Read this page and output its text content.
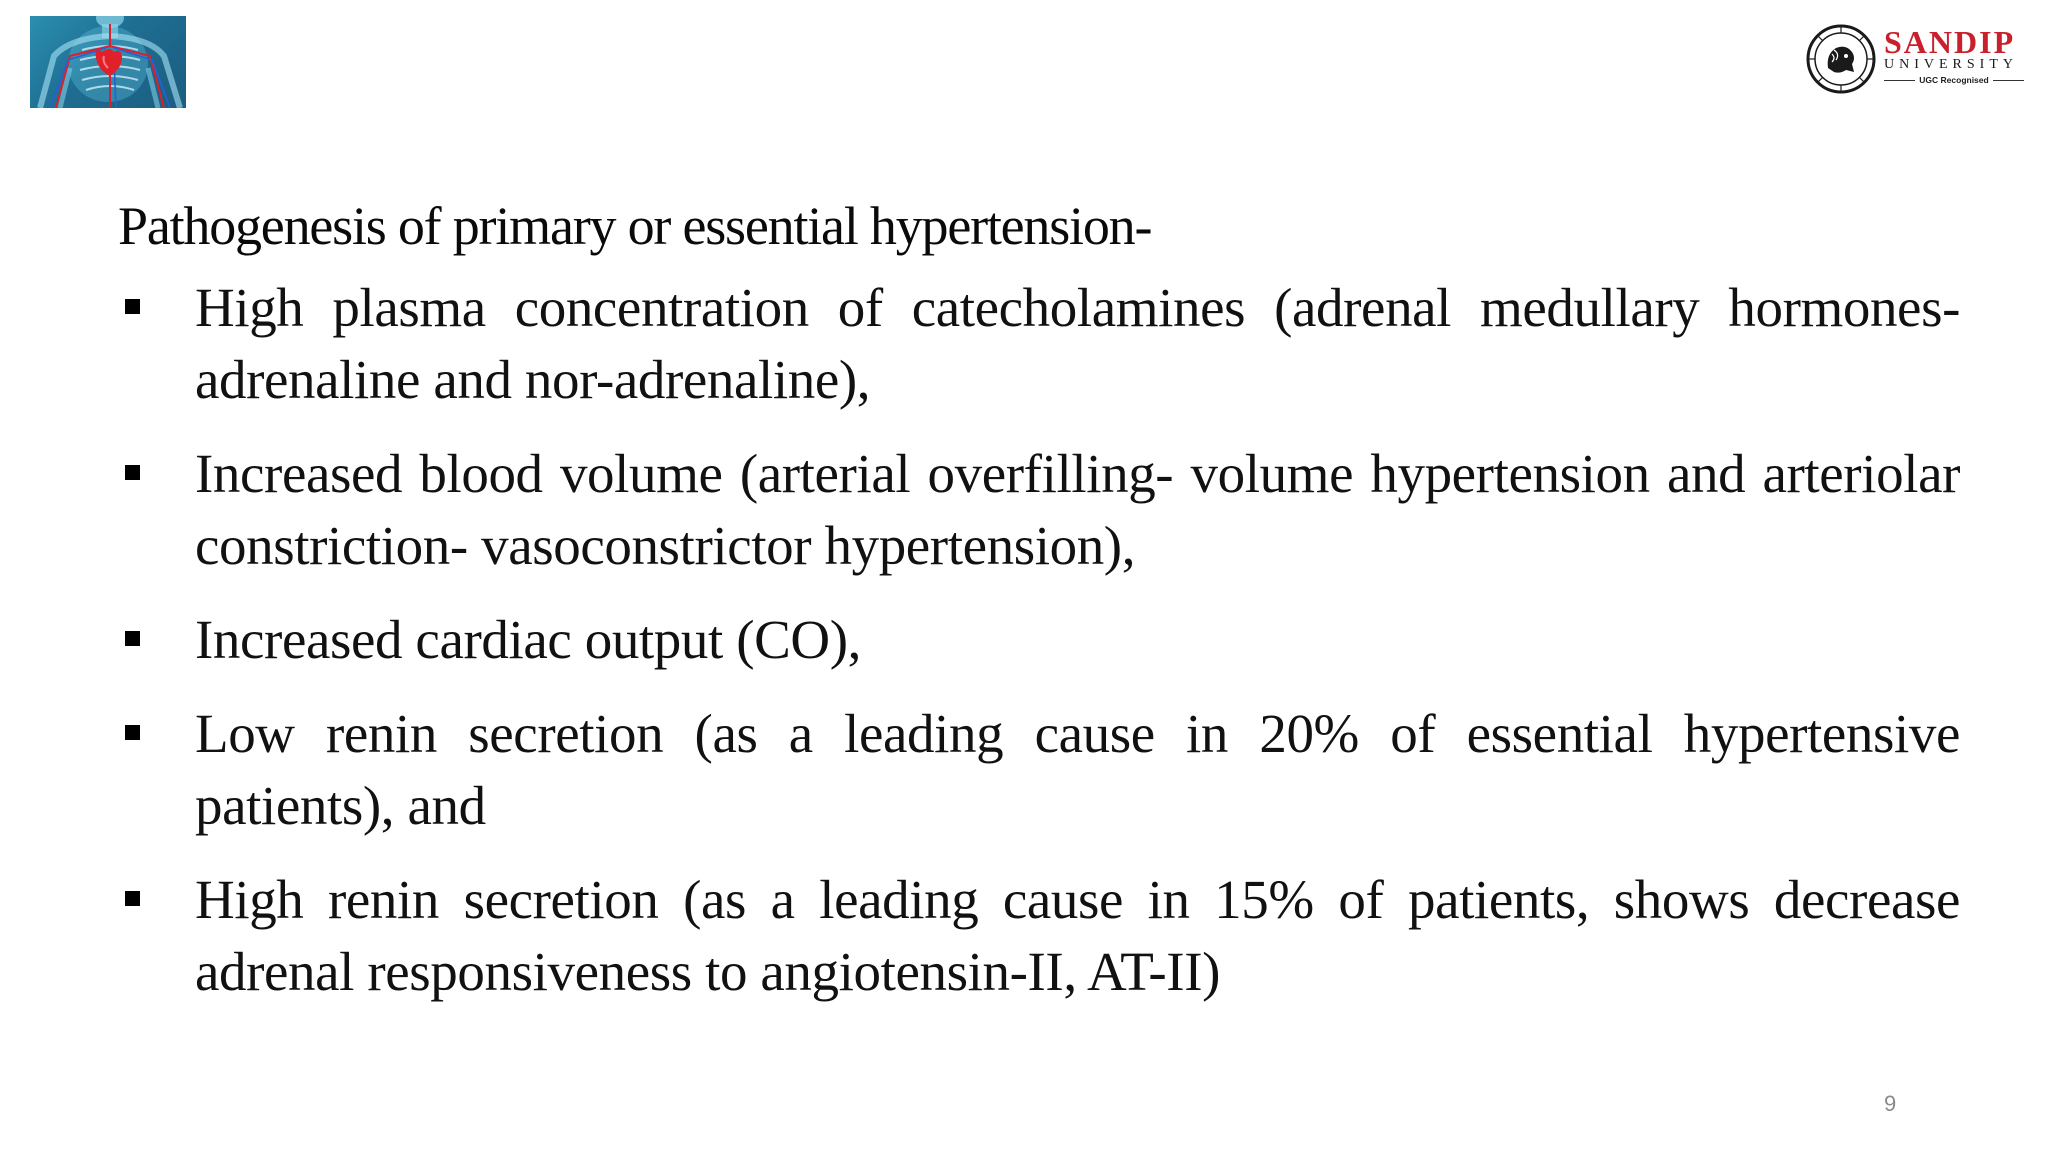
SANDIP
UNIVERSITY
UGC Recognised
Pathogenesis of primary or essential hypertension-
High plasma concentration of catecholamines (adrenal medullary hormones- adrenaline and nor-adrenaline),
Increased blood volume (arterial overfilling- volume hypertension and arteriolar constriction- vasoconstrictor hypertension),
Increased cardiac output (CO),
Low renin secretion (as a leading cause in 20% of essential hypertensive patients), and
High renin secretion (as a leading cause in 15% of patients, shows decrease adrenal responsiveness to angiotensin-II, AT-II)
9
